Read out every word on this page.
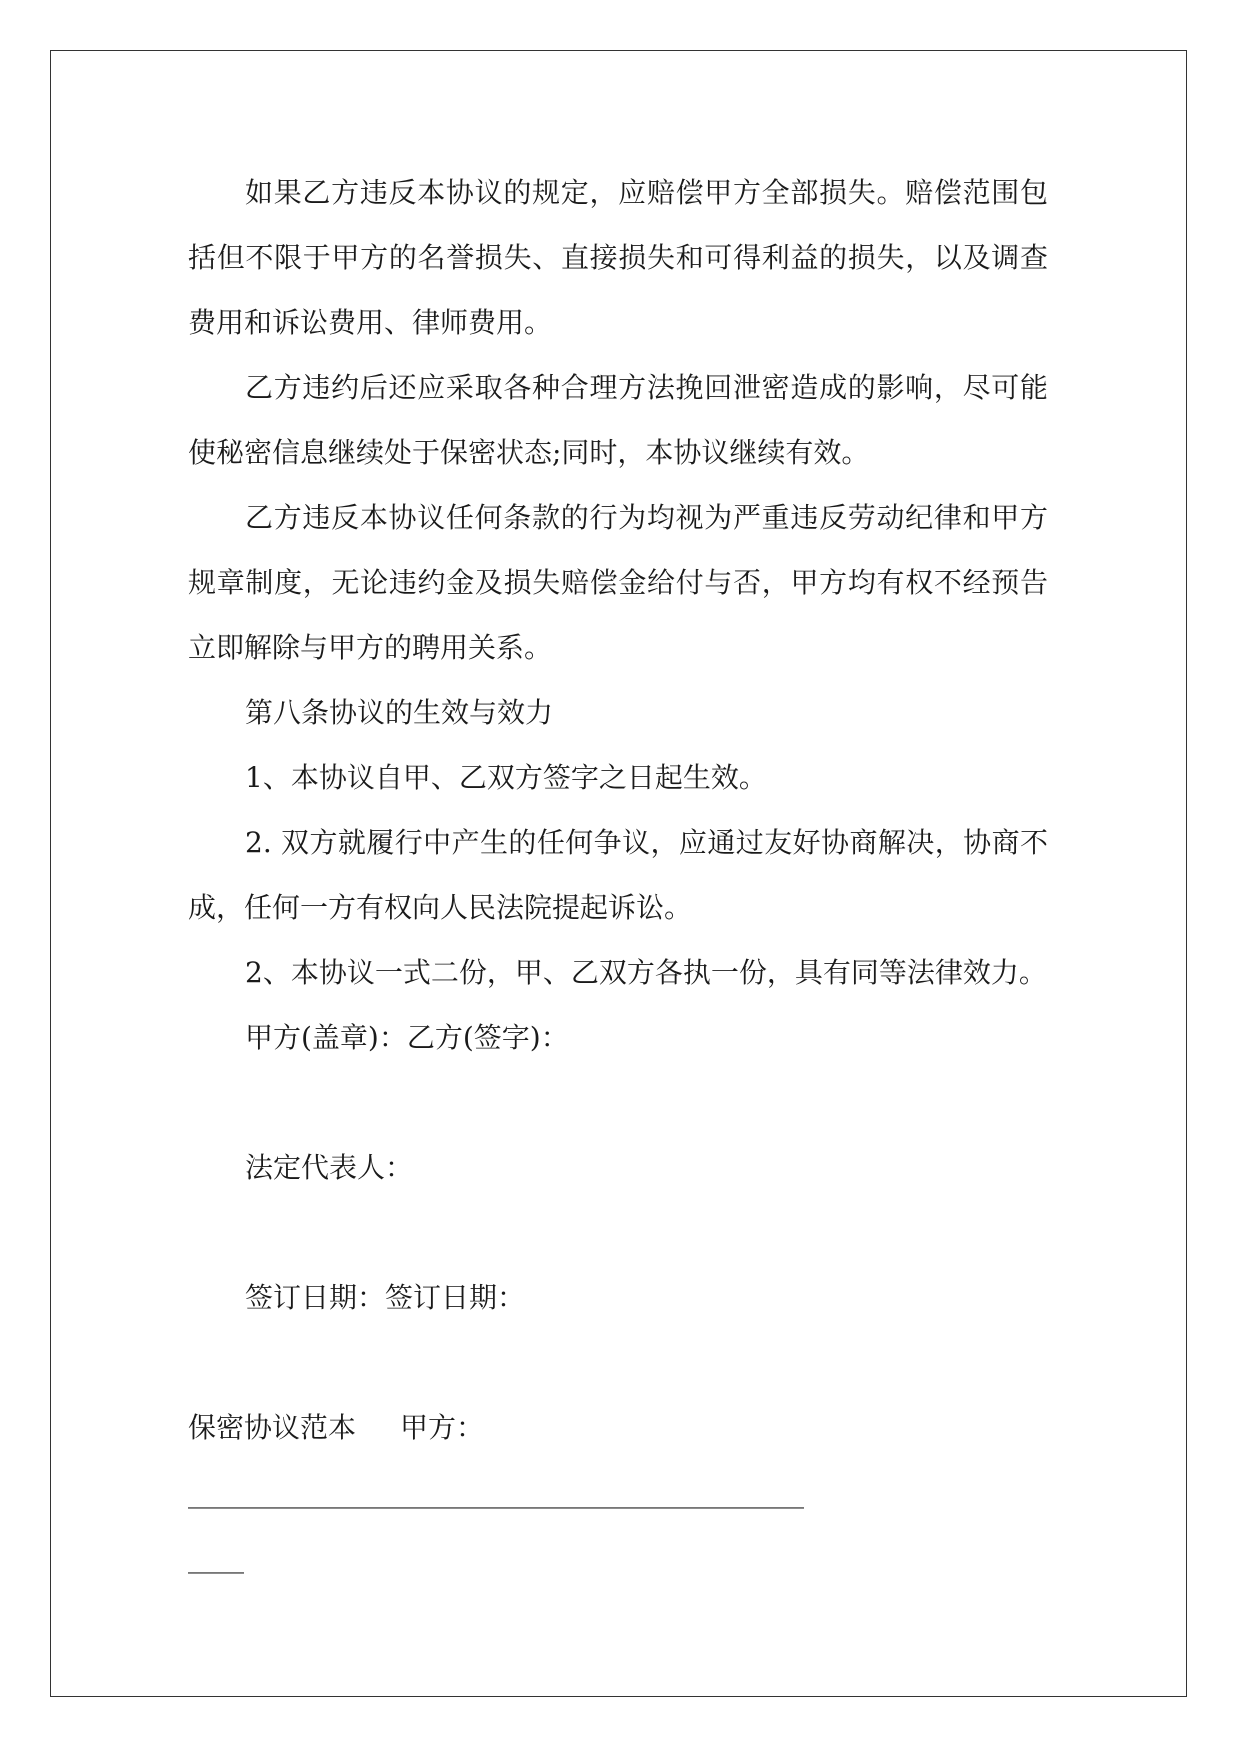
如果乙方违反本协议的规定，应赔偿甲方全部损失。赔偿范围包括但不限于甲方的名誉损失、直接损失和可得利益的损失，以及调查费用和诉讼费用、律师费用。

乙方违约后还应采取各种合理方法挽回泄密造成的影响，尽可能使秘密信息继续处于保密状态;同时，本协议继续有效。

乙方违反本协议任何条款的行为均视为严重违反劳动纪律和甲方规章制度，无论违约金及损失赔偿金给付与否，甲方均有权不经预告立即解除与甲方的聘用关系。

第八条协议的生效与效力

1、本协议自甲、乙双方签字之日起生效。

2. 双方就履行中产生的任何争议，应通过友好协商解决，协商不成，任何一方有权向人民法院提起诉讼。

2、本协议一式二份，甲、乙双方各执一份，具有同等法律效力。

甲方(盖章)：乙方(签字)：

法定代表人：

签订日期：签订日期：

保密协议范本 甲方：

____________________________________________

____
